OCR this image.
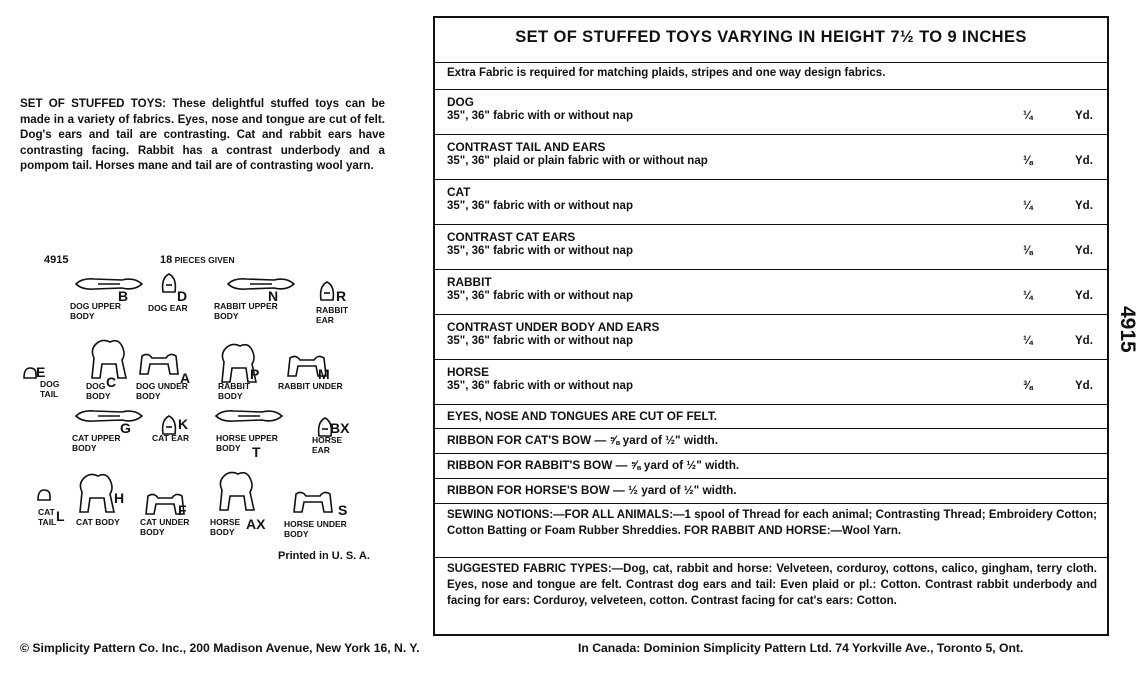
SET OF STUFFED TOYS: These delightful stuffed toys can be made in a variety of fabrics. Eyes, nose and tongue are cut of felt. Dog's ears and tail are contrasting. Cat and rabbit ears have contrasting facing. Rabbit has a contrast underbody and a pompom tail. Horses mane and tail are of contrasting wool yarn.
4915	18 PIECES GIVEN
DOG UPPER
BODY
B
DOG EAR
D
RABBIT UPPER
BODY
N
RABBIT
EAR
R
DOG
TAIL
E
DOG
BODY
C DOG UNDER
BODY
A	RABBIT
BODY
P
RABBIT UNDER
M
CAT UPPER
BODY
G
CAT EAR
K
HORSE UPPER
BODY T
HORSE
EAR
BX
CAT
TAIL L CAT BODY
H
CAT UNDER
BODY
F
HORSE
BODY AX HORSE UNDER
BODY
S
Printed in U. S. A.
SET OF STUFFED TOYS VARYING IN HEIGHT 7½ TO 9 INCHES
Extra Fabric is required for matching plaids, stripes and one way design fabrics.
DOG
35", 36" fabric with or without nap	¼	Yd.
CONTRAST TAIL AND EARS
35", 36" plaid or plain fabric with or without nap	⅛	Yd.
CAT
35", 36" fabric with or without nap	¼	Yd.
CONTRAST CAT EARS
35", 36" fabric with or without nap	⅛	Yd.
RABBIT
35", 36" fabric with or without nap	¼	Yd.
CONTRAST UNDER BODY AND EARS
35", 36" fabric with or without nap	¼	Yd.
HORSE
35", 36" fabric with or without nap	⅜	Yd.
EYES, NOSE AND TONGUES ARE CUT OF FELT.
RIBBON FOR CAT'S BOW — ⅝ yard of ½" width.
RIBBON FOR RABBIT'S BOW — ⅝ yard of ½" width.
RIBBON FOR HORSE'S BOW — ½ yard of ½" width.
SEWING NOTIONS:—FOR ALL ANIMALS:—1 spool of Thread for each animal; Contrasting Thread; Embroidery Cotton; Cotton Batting or Foam Rubber Shreddies. FOR RABBIT AND HORSE:—Wool Yarn.
SUGGESTED FABRIC TYPES:—Dog, cat, rabbit and horse: Velveteen, corduroy, cottons, calico, gingham, terry cloth. Eyes, nose and tongue are felt. Contrast dog ears and tail: Even plaid or pl.: Cotton. Contrast rabbit underbody and facing for ears: Corduroy, velveteen, cotton. Contrast facing for cat's ears: Cotton.
4915
© Simplicity Pattern Co. Inc., 200 Madison Avenue, New York 16, N. Y.	In Canada: Dominion Simplicity Pattern Ltd. 74 Yorkville Ave., Toronto 5, Ont.
